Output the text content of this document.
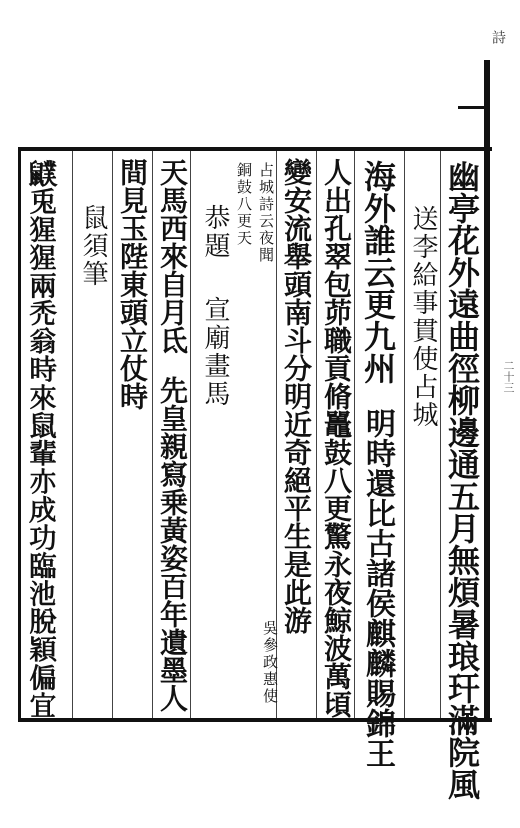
詩
二十三
幽亭花外遠曲徑柳邊通五月無煩暑琅玕滿院風
送李給事貫使占城
海外誰云更九州
明時還比古諸侯麒麟賜錦王
人出孔翠包茆職貢脩鼉鼓八更驚永夜鯨波萬頃
變安流舉頭南斗分明近奇絕平生是此游
吳參政惠使
占城詩云夜聞
銅鼓八更天
恭題
宣廟畫馬
天馬西來自月氐
先皇親寫乗黃姿百年遺墨人
間見玉陛東頭立仗時
鼠須筆
𪖈兎猩猩兩禿翁時來鼠輩亦成功臨池脫穎偏宜
